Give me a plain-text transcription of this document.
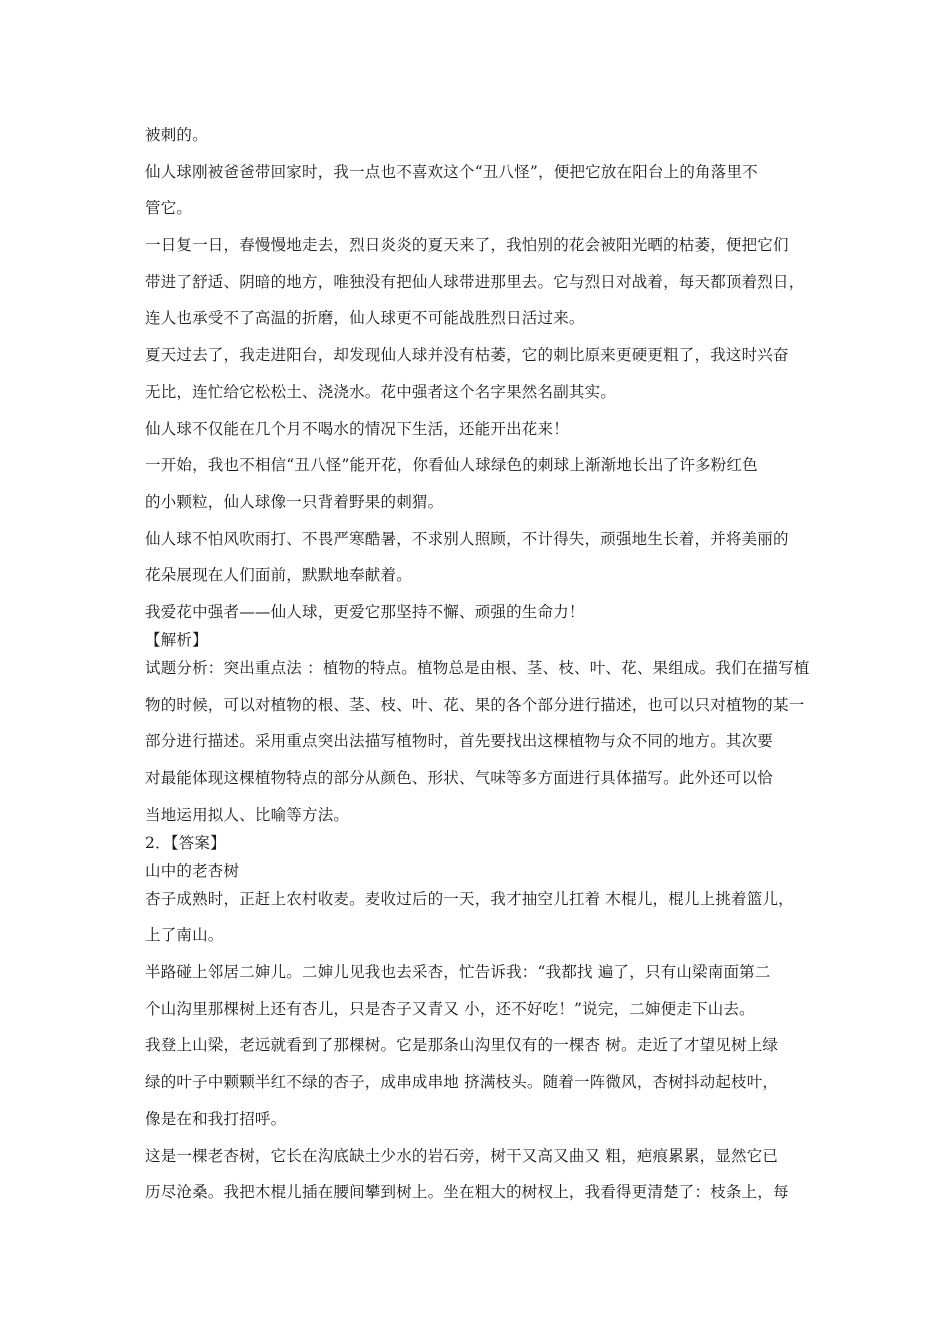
被刺的。
仙人球刚被爸爸带回家时，我一点也不喜欢这个“丑八怪”，便把它放在阳台上的角落里不
管它。
一日复一日，春慢慢地走去，烈日炎炎的夏天来了，我怕别的花会被阳光晒的枯萎，便把它们
带进了舒适、阴暗的地方，唯独没有把仙人球带进那里去。它与烈日对战着，每天都顶着烈日，
连人也承受不了高温的折磨，仙人球更不可能战胜烈日活过来。
夏天过去了，我走进阳台，却发现仙人球并没有枯萎，它的刺比原来更硬更粗了，我这时兴奋
无比，连忙给它松松土、浇浇水。花中强者这个名字果然名副其实。
仙人球不仅能在几个月不喝水的情况下生活，还能开出花来！
一开始，我也不相信“丑八怪”能开花，你看仙人球绿色的刺球上渐渐地长出了许多粉红色
的小颗粒，仙人球像一只背着野果的刺猬。
仙人球不怕风吹雨打、不畏严寒酷暑，不求别人照顾，不计得失，顽强地生长着，并将美丽的
花朵展现在人们面前，默默地奉献着。
我爱花中强者——仙人球，更爱它那坚持不懈、顽强的生命力！
【解析】
试题分析：突出重点法 ：植物的特点。植物总是由根、茎、枝、叶、花、果组成。我们在描写植
物的时候，可以对植物的根、茎、枝、叶、花、果的各个部分进行描述，也可以只对植物的某一
部分进行描述。采用重点突出法描写植物时，首先要找出这棵植物与众不同的地方。其次要
对最能体现这棵植物特点的部分从颜色、形状、气味等多方面进行具体描写。此外还可以恰
当地运用拟人、比喻等方法。
2．【答案】
山中的老杏树
杏子成熟时，正赶上农村收麦。麦收过后的一天，我才抽空儿扛着 木棍儿，棍儿上挑着篮儿，
上了南山。
半路碰上邻居二婶儿。二婶儿见我也去采杏，忙告诉我：“我都找 遍了，只有山梁南面第二
个山沟里那棵树上还有杏儿，只是杏子又青又 小，还不好吃！”说完，二婶便走下山去。
我登上山梁，老远就看到了那棵树。它是那条山沟里仅有的一棵杏 树。走近了才望见树上绿
绿的叶子中颗颗半红不绿的杏子，成串成串地 挤满枝头。随着一阵微风，杏树抖动起枝叶，
像是在和我打招呼。
这是一棵老杏树，它长在沟底缺土少水的岩石旁，树干又高又曲又 粗，疤痕累累，显然它已
历尽沧桑。我把木棍儿插在腰间攀到树上。坐在粗大的树杈上，我看得更清楚了：枝条上，每
